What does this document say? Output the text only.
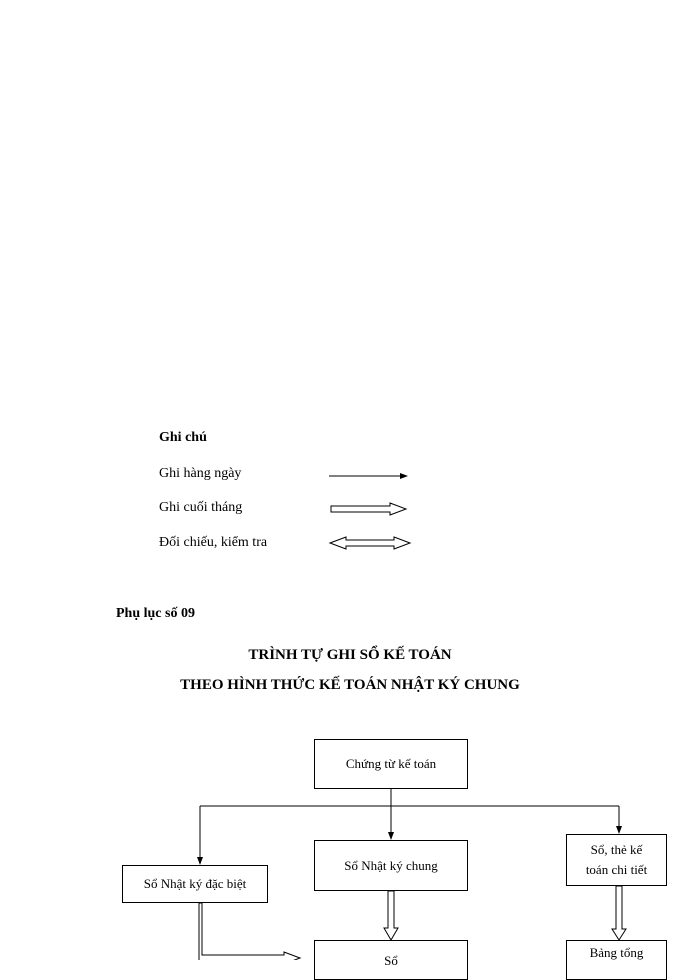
Ghi chú
Ghi hàng ngày
Ghi cuối tháng
Đối chiếu, kiểm tra
Phụ lục số 09
TRÌNH TỰ GHI SỔ KẾ TOÁN
THEO HÌNH THỨC KẾ TOÁN NHẬT KÝ CHUNG
Chứng từ kế toán
Sổ Nhật ký chung
Sổ Nhật ký đặc biệt
Sổ, thẻ kế
toán chi tiết
Sổ
Bảng tổng
